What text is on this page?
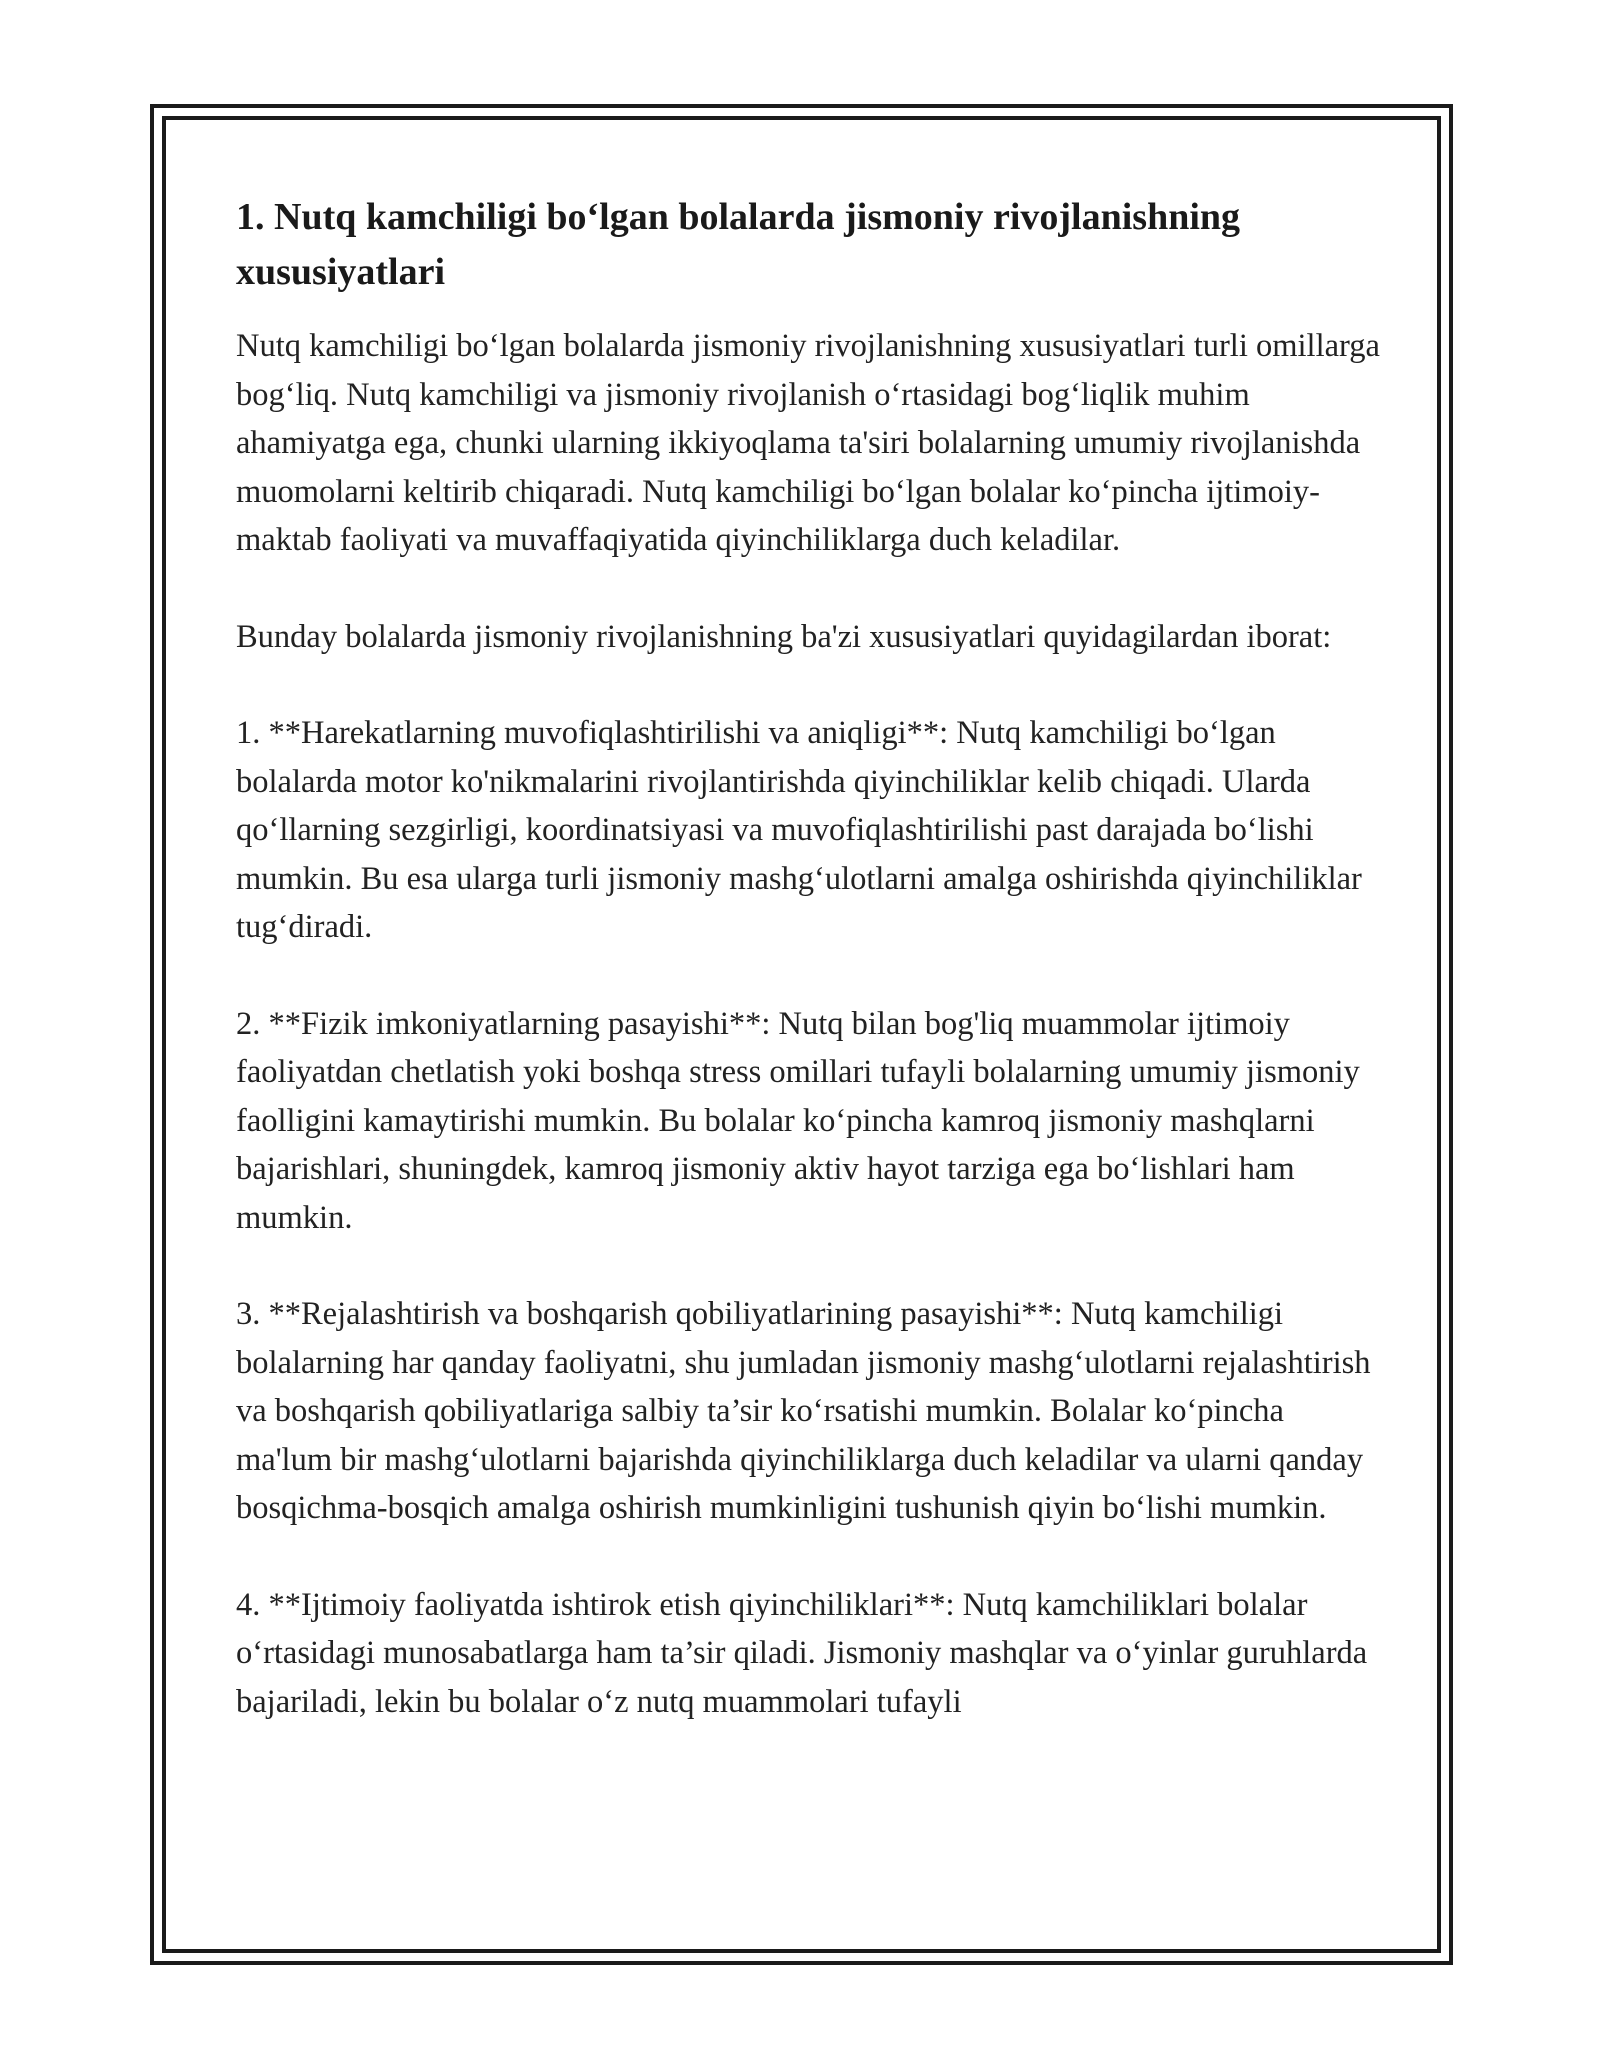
1. Nutq kamchiligi bo‘lgan bolalarda jismoniy rivojlanishning xususiyatlari

Nutq kamchiligi bo‘lgan bolalarda jismoniy rivojlanishning xususiyatlari turli omillarga bog‘liq. Nutq kamchiligi va jismoniy rivojlanish o‘rtasidagi bog‘liqlik muhim ahamiyatga ega, chunki ularning ikkiyoqlama ta'siri bolalarning umumiy rivojlanishda muomolarni keltirib chiqaradi. Nutq kamchiligi bo‘lgan bolalar ko‘pincha ijtimoiy-maktab faoliyati va muvaffaqiyatida qiyinchiliklarga duch keladilar.

Bunday bolalarda jismoniy rivojlanishning ba'zi xususiyatlari quyidagilardan iborat:

1. **Harekatlarning muvofiqlashtirilishi va aniqligi**: Nutq kamchiligi bo‘lgan bolalarda motor ko'nikmalarini rivojlantirishda qiyinchiliklar kelib chiqadi. Ularda qo‘llarning sezgirligi, koordinatsiyasi va muvofiqlashtirilishi past darajada bo‘lishi mumkin. Bu esa ularga turli jismoniy mashg‘ulotlarni amalga oshirishda qiyinchiliklar tug‘diradi.

2. **Fizik imkoniyatlarning pasayishi**: Nutq bilan bog'liq muammolar ijtimoiy faoliyatdan chetlatish yoki boshqa stress omillari tufayli bolalarning umumiy jismoniy faolligini kamaytirishi mumkin. Bu bolalar ko‘pincha kamroq jismoniy mashqlarni bajarishlari, shuningdek, kamroq jismoniy aktiv hayot tarziga ega bo‘lishlari ham mumkin.

3. **Rejalashtirish va boshqarish qobiliyatlarining pasayishi**: Nutq kamchiligi bolalarning har qanday faoliyatni, shu jumladan jismoniy mashg‘ulotlarni rejalashtirish va boshqarish qobiliyatlariga salbiy ta’sir ko‘rsatishi mumkin. Bolalar ko‘pincha ma'lum bir mashg‘ulotlarni bajarishda qiyinchiliklarga duch keladilar va ularni qanday bosqichma-bosqich amalga oshirish mumkinligini tushunish qiyin bo‘lishi mumkin.

4. **Ijtimoiy faoliyatda ishtirok etish qiyinchiliklari**: Nutq kamchiliklari bolalar o‘rtasidagi munosabatlarga ham ta’sir qiladi. Jismoniy mashqlar va o‘yinlar guruhlarda bajariladi, lekin bu bolalar o‘z nutq muammolari tufayli
